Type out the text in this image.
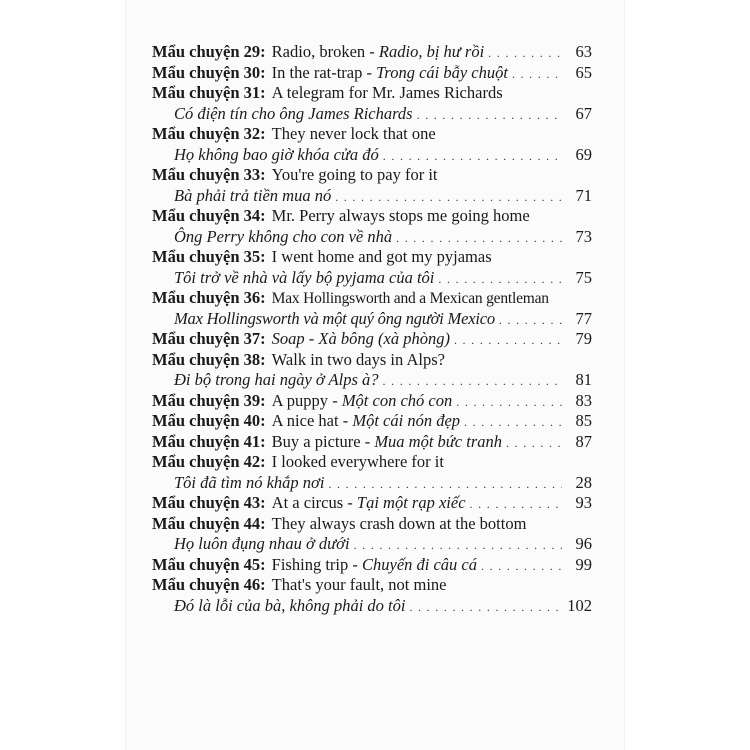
Mẩu chuyện 29: Radio, broken - Radio, bị hư rồi . . .	63
Mẩu chuyện 30: In the rat-trap - Trong cái bẫy chuột . . .	65
Mẩu chuyện 31: A telegram for Mr. James Richards
Có điện tín cho ông James Richards . . .	67
Mẩu chuyện 32: They never lock that one
Họ không bao giờ khóa cửa đó . . .	69
Mẩu chuyện 33: You're going to pay for it
Bà phải trả tiền mua nó . . .	71
Mẩu chuyện 34: Mr. Perry always stops me going home
Ông Perry không cho con về nhà . . .	73
Mẩu chuyện 35: I went home and got my pyjamas
Tôi trở về nhà và lấy bộ pyjama của tôi . . .	75
Mẩu chuyện 36: Max Hollingsworth and a Mexican gentleman
Max Hollingsworth và một quý ông người Mexico . . .	77
Mẩu chuyện 37: Soap - Xà bông (xà phòng) . . .	79
Mẩu chuyện 38: Walk in two days in Alps?
Đi bộ trong hai ngày ở Alps à? . . .	81
Mẩu chuyện 39: A puppy - Một con chó con . . .	83
Mẩu chuyện 40: A nice hat - Một cái nón đẹp . . .	85
Mẩu chuyện 41: Buy a picture - Mua một bức tranh . . .	87
Mẩu chuyện 42: I looked everywhere for it
Tôi đã tìm nó khắp nơi . . .	28
Mẩu chuyện 43: At a circus - Tại một rạp xiếc . . .	93
Mẩu chuyện 44: They always crash down at the bottom
Họ luôn đụng nhau ở dưới . . .	96
Mẩu chuyện 45: Fishing trip - Chuyến đi câu cá . . .	99
Mẩu chuyện 46: That's your fault, not mine
Đó là lỗi của bà, không phải do tôi . . .	102
